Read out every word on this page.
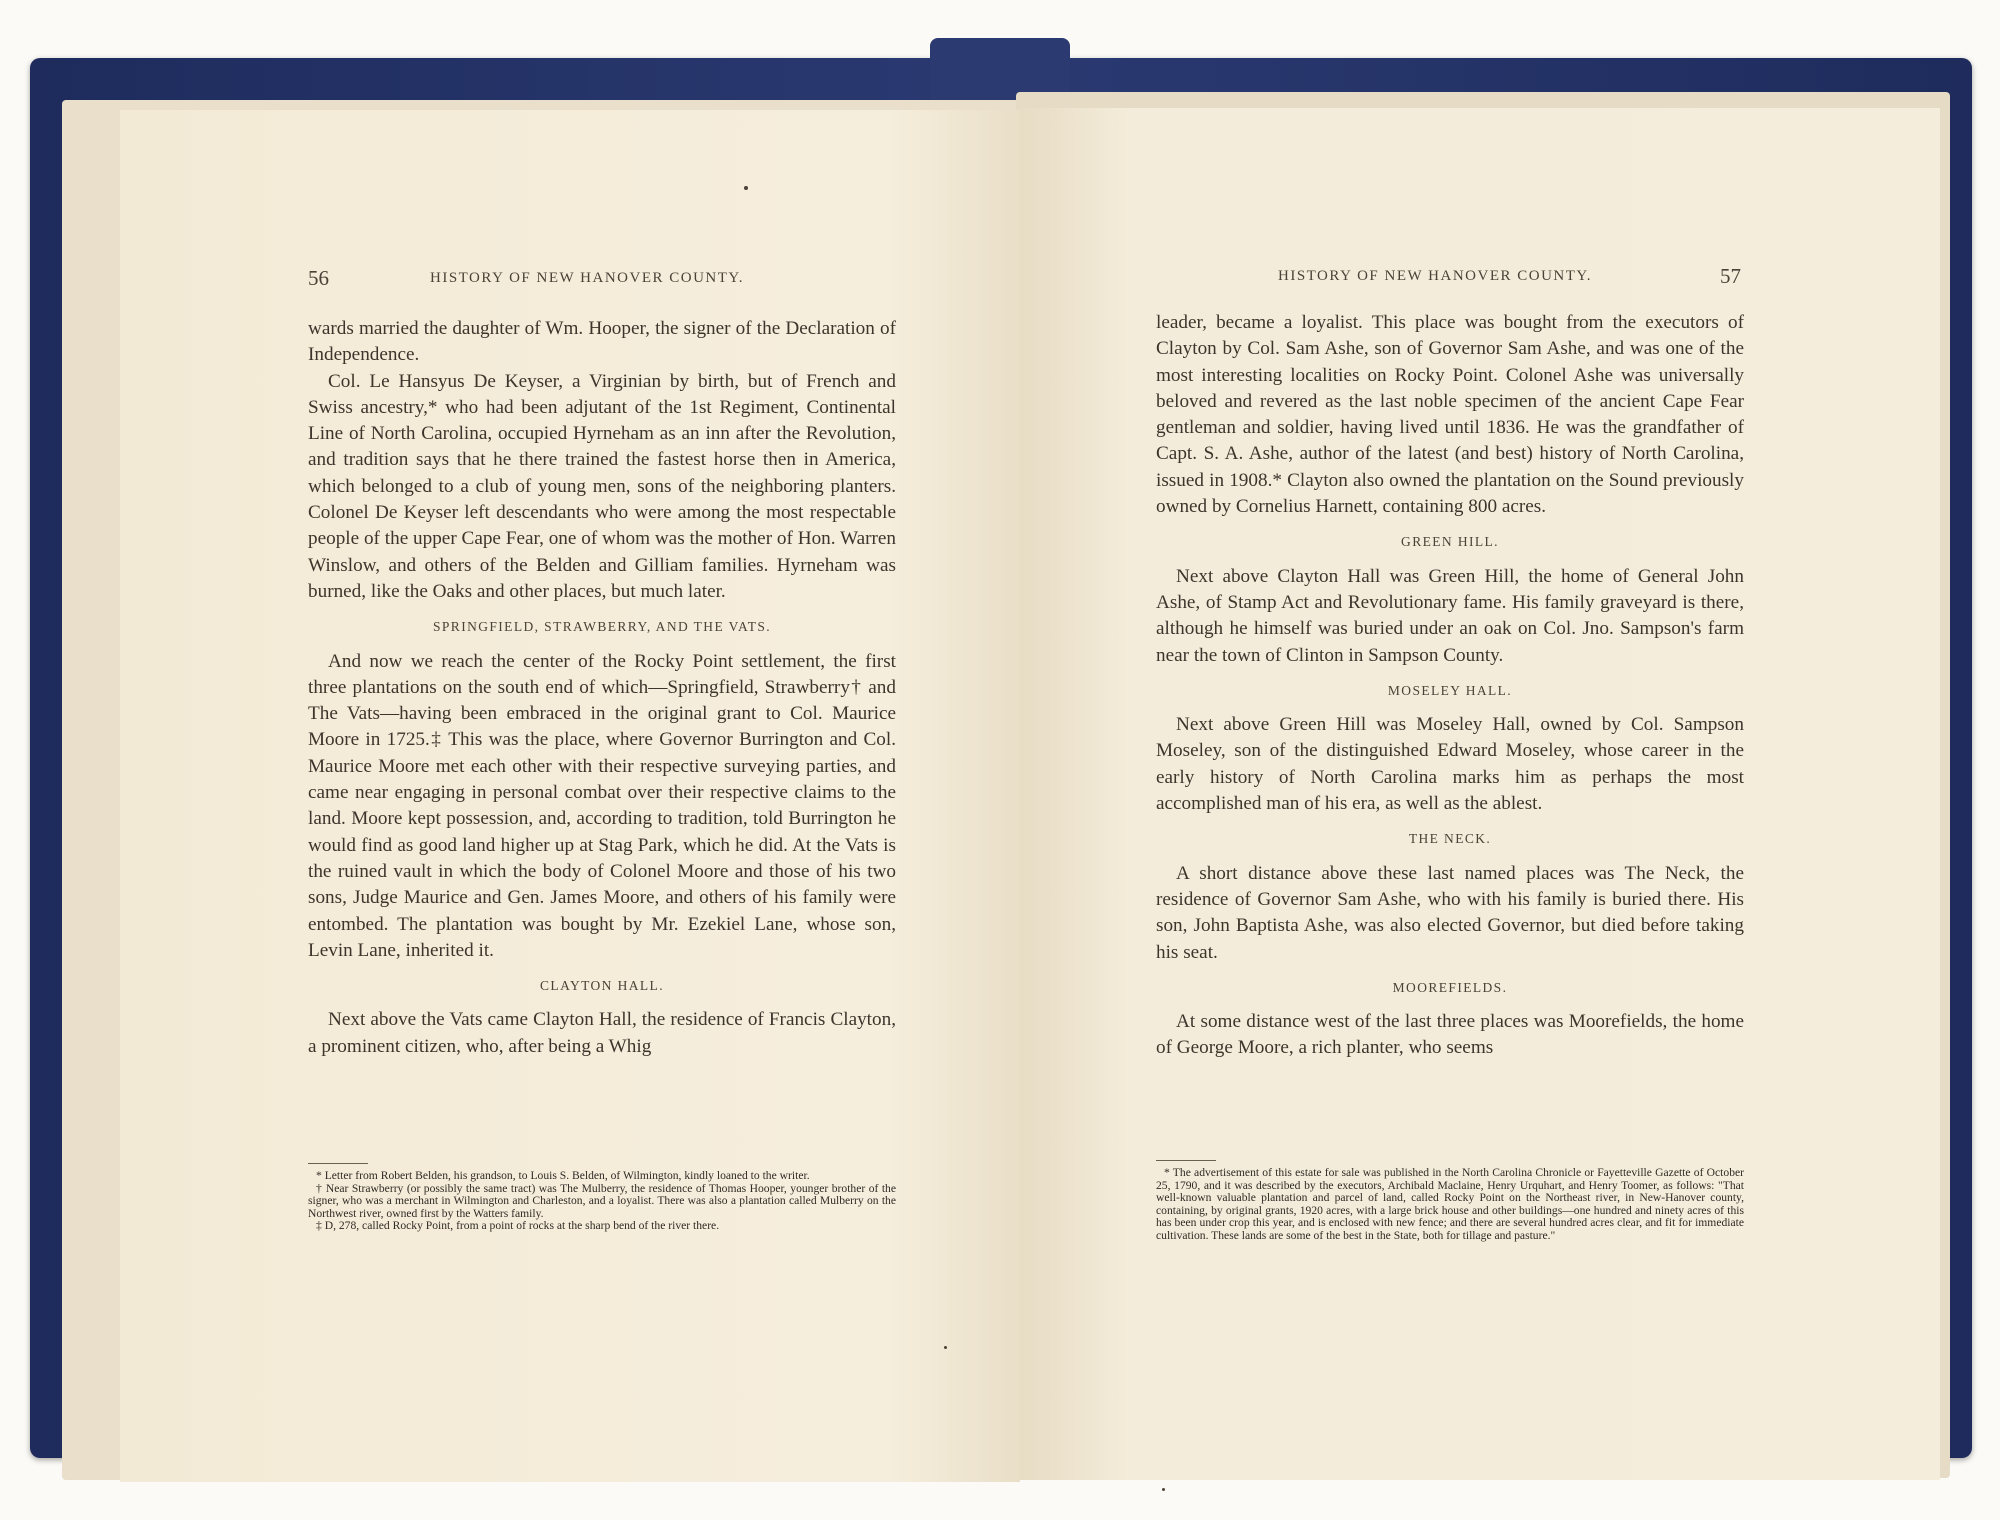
56	HISTORY OF NEW HANOVER COUNTY.

wards married the daughter of Wm. Hooper, the signer of the Declaration of Independence.

Col. Le Hansyus De Keyser, a Virginian by birth, but of French and Swiss ancestry,* who had been adjutant of the 1st Regiment, Continental Line of North Carolina, occupied Hyrneham as an inn after the Revolution, and tradition says that he there trained the fastest horse then in America, which belonged to a club of young men, sons of the neighboring planters. Colonel De Keyser left descendants who were among the most respectable people of the upper Cape Fear, one of whom was the mother of Hon. Warren Winslow, and others of the Belden and Gilliam families. Hyrneham was burned, like the Oaks and other places, but much later.

SPRINGFIELD, STRAWBERRY, AND THE VATS.

And now we reach the center of the Rocky Point settlement, the first three plantations on the south end of which—Springfield, Strawberry† and The Vats—having been embraced in the original grant to Col. Maurice Moore in 1725.‡ This was the place, where Governor Burrington and Col. Maurice Moore met each other with their respective surveying parties, and came near engaging in personal combat over their respective claims to the land. Moore kept possession, and, according to tradition, told Burrington he would find as good land higher up at Stag Park, which he did. At the Vats is the ruined vault in which the body of Colonel Moore and those of his two sons, Judge Maurice and Gen. James Moore, and others of his family were entombed. The plantation was bought by Mr. Ezekiel Lane, whose son, Levin Lane, inherited it.

CLAYTON HALL.

Next above the Vats came Clayton Hall, the residence of Francis Clayton, a prominent citizen, who, after being a Whig

* Letter from Robert Belden, his grandson, to Louis S. Belden, of Wilmington, kindly loaned to the writer.

† Near Strawberry (or possibly the same tract) was The Mulberry, the residence of Thomas Hooper, younger brother of the signer, who was a merchant in Wilmington and Charleston, and a loyalist. There was also a plantation called Mulberry on the Northwest river, owned first by the Watters family.

‡ D, 278, called Rocky Point, from a point of rocks at the sharp bend of the river there.

HISTORY OF NEW HANOVER COUNTY.	57

leader, became a loyalist. This place was bought from the executors of Clayton by Col. Sam Ashe, son of Governor Sam Ashe, and was one of the most interesting localities on Rocky Point. Colonel Ashe was universally beloved and revered as the last noble specimen of the ancient Cape Fear gentleman and soldier, having lived until 1836. He was the grandfather of Capt. S. A. Ashe, author of the latest (and best) history of North Carolina, issued in 1908.* Clayton also owned the plantation on the Sound previously owned by Cornelius Harnett, containing 800 acres.

GREEN HILL.

Next above Clayton Hall was Green Hill, the home of General John Ashe, of Stamp Act and Revolutionary fame. His family graveyard is there, although he himself was buried under an oak on Col. Jno. Sampson's farm near the town of Clinton in Sampson County.

MOSELEY HALL.

Next above Green Hill was Moseley Hall, owned by Col. Sampson Moseley, son of the distinguished Edward Moseley, whose career in the early history of North Carolina marks him as perhaps the most accomplished man of his era, as well as the ablest.

THE NECK.

A short distance above these last named places was The Neck, the residence of Governor Sam Ashe, who with his family is buried there. His son, John Baptista Ashe, was also elected Governor, but died before taking his seat.

MOOREFIELDS.

At some distance west of the last three places was Moorefields, the home of George Moore, a rich planter, who seems

* The advertisement of this estate for sale was published in the North Carolina Chronicle or Fayetteville Gazette of October 25, 1790, and it was described by the executors, Archibald Maclaine, Henry Urquhart, and Henry Toomer, as follows: "That well-known valuable plantation and parcel of land, called Rocky Point on the Northeast river, in New-Hanover county, containing, by original grants, 1920 acres, with a large brick house and other buildings—one hundred and ninety acres of this has been under crop this year, and is enclosed with new fence; and there are several hundred acres clear, and fit for immediate cultivation. These lands are some of the best in the State, both for tillage and pasture."
